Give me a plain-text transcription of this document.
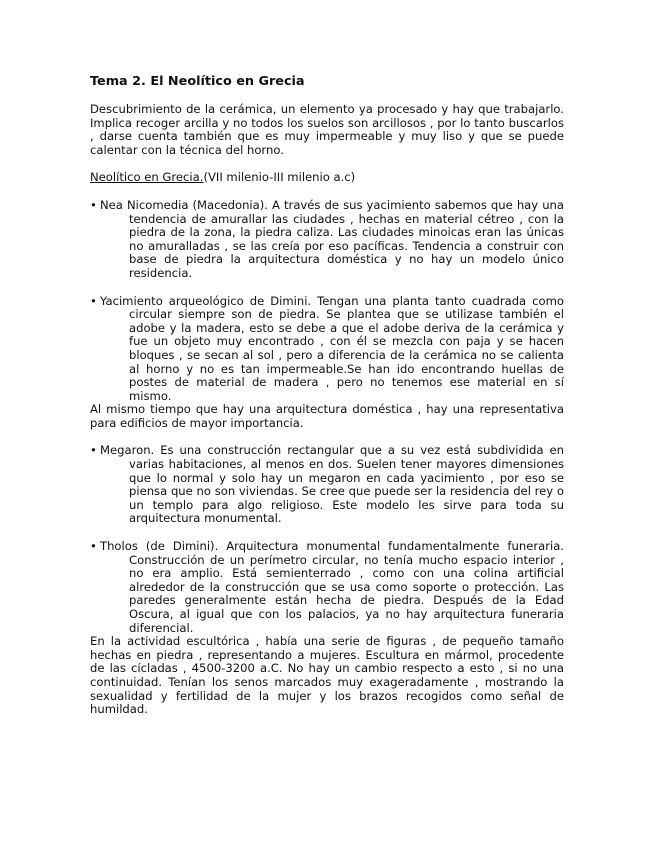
Tema 2. El Neolítico en Grecia

Descubrimiento de la cerámica, un elemento ya procesado y hay que trabajarlo. Implica recoger arcilla y no todos los suelos son arcillosos , por lo tanto buscarlos , darse cuenta también que es muy impermeable y muy liso y que se puede calentar con la técnica del horno.

Neolítico en Grecia.(VII milenio-III milenio a.c)

• Nea Nicomedia (Macedonia). A través de sus yacimiento sabemos que hay una tendencia de amurallar las ciudades , hechas en material cétreo , con la piedra de la zona, la piedra caliza. Las ciudades minoicas eran las únicas no amuralladas , se las creía por eso pacíficas. Tendencia a construir con base de piedra la arquitectura doméstica y no hay un modelo único residencia.
• Yacimiento arqueológico de Dimini. Tengan una planta tanto cuadrada como circular siempre son de piedra. Se plantea que se utilizase también el adobe y la madera, esto se debe a que el adobe deriva de la cerámica y fue un objeto muy encontrado , con él se mezcla con paja y se hacen bloques , se secan al sol , pero a diferencia de la cerámica no se calienta al horno y no es tan impermeable.Se han ido encontrando huellas de postes de material de madera , pero no tenemos ese material en sí mismo.

Al mismo tiempo que hay una arquitectura doméstica , hay una representativa para edificios de mayor importancia.

• Megaron. Es una construcción rectangular que a su vez está subdividida en varias habitaciones, al menos en dos. Suelen tener mayores dimensiones que lo normal y solo hay un megaron en cada yacimiento , por eso se piensa que no son viviendas. Se cree que puede ser la residencia del rey o un templo para algo religioso. Este modelo les sirve para toda su arquitectura monumental.
• Tholos (de Dimini). Arquitectura monumental fundamentalmente funeraria. Construcción de un perímetro circular, no tenía mucho espacio interior , no era amplio. Está semienterrado , como con una colina artificial alrededor de la construcción que se usa como soporte o protección. Las paredes generalmente están hecha de piedra. Después de la Edad Oscura, al igual que con los palacios, ya no hay arquitectura funeraria diferencial.

En la actividad escultórica , había una serie de figuras , de pequeño tamaño hechas en piedra , representando a mujeres. Escultura en mármol, procedente de las cícladas , 4500-3200 a.C. No hay un cambio respecto a esto , si no una continuidad. Tenían los senos marcados muy exageradamente , mostrando la sexualidad y fertilidad de la mujer y los brazos recogidos como señal de humildad.
